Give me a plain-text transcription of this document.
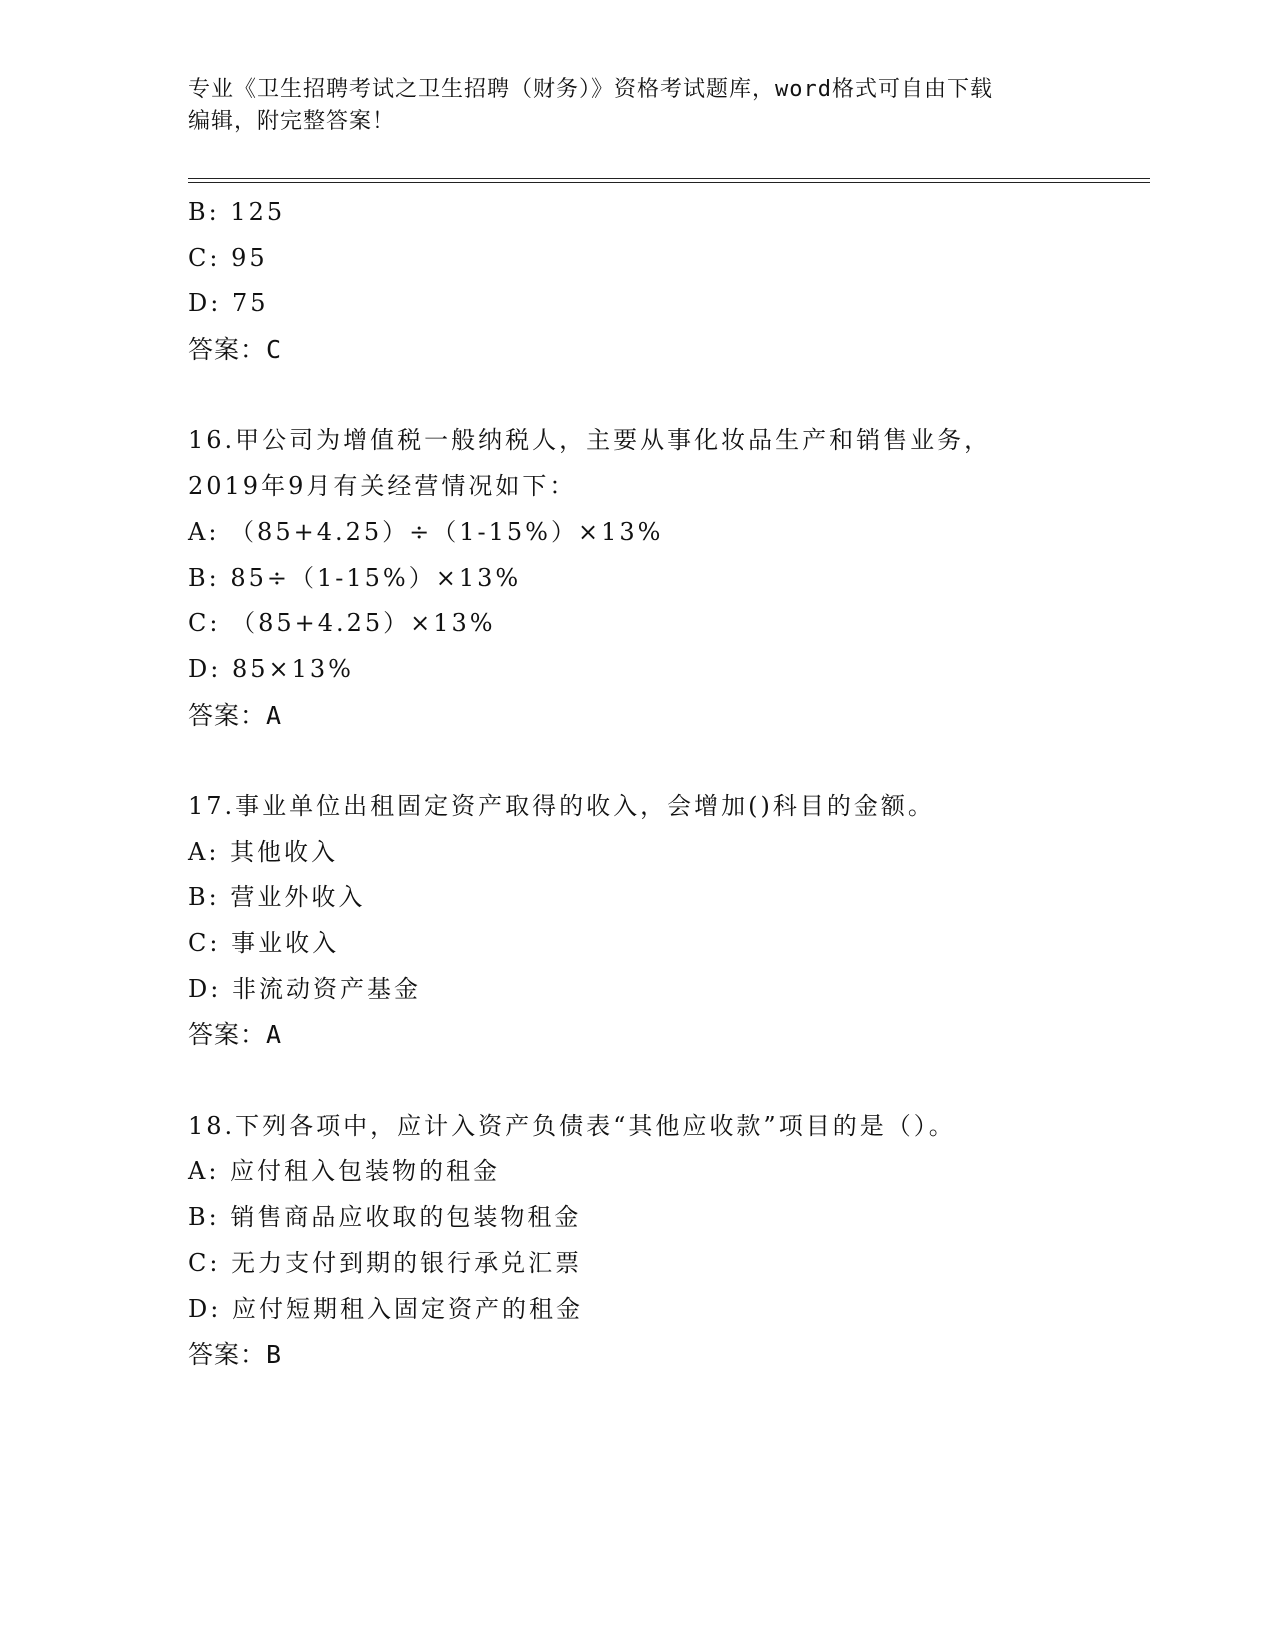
专业《卫生招聘考试之卫生招聘（财务）》资格考试题库，word格式可自由下载
编辑，附完整答案！
B: 125
C: 95
D: 75
答案：C
16.甲公司为增值税一般纳税人，主要从事化妆品生产和销售业务，
2019年9月有关经营情况如下：
A: （85+4.25）÷（1-15%）×13%
B: 85÷（1-15%）×13%
C: （85+4.25）×13%
D: 85×13%
答案：A
17.事业单位出租固定资产取得的收入，会增加()科目的金额。
A: 其他收入
B: 营业外收入
C: 事业收入
D: 非流动资产基金
答案：A
18.下列各项中，应计入资产负债表“其他应收款”项目的是（）。
A: 应付租入包装物的租金
B: 销售商品应收取的包装物租金
C: 无力支付到期的银行承兑汇票
D: 应付短期租入固定资产的租金
答案：B
